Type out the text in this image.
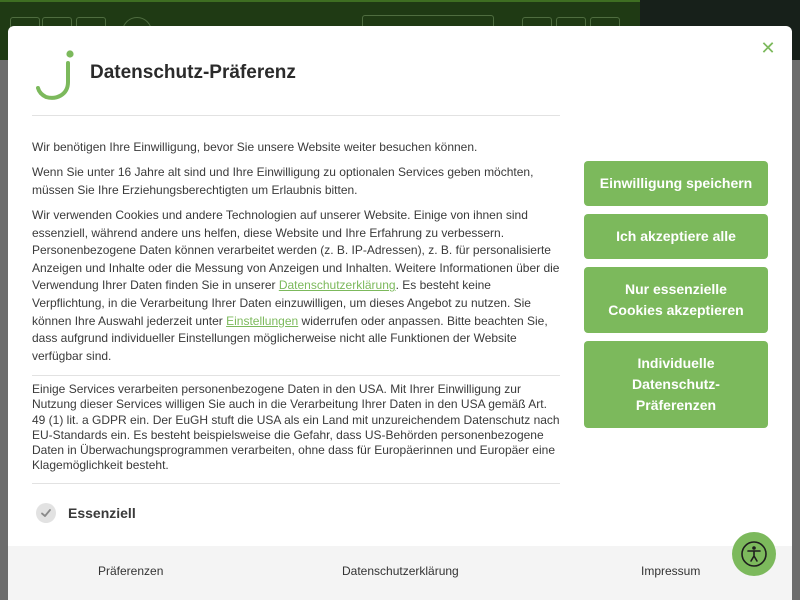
✕
Datenschutz-Präferenz
Wir benötigen Ihre Einwilligung, bevor Sie unsere Website weiter besuchen können.
Wenn Sie unter 16 Jahre alt sind und Ihre Einwilligung zu optionalen Services geben möchten, müssen Sie Ihre Erziehungsberechtigten um Erlaubnis bitten.
Wir verwenden Cookies und andere Technologien auf unserer Website. Einige von ihnen sind essenziell, während andere uns helfen, diese Website und Ihre Erfahrung zu verbessern. Personenbezogene Daten können verarbeitet werden (z. B. IP-Adressen), z. B. für personalisierte Anzeigen und Inhalte oder die Messung von Anzeigen und Inhalten. Weitere Informationen über die Verwendung Ihrer Daten finden Sie in unserer Datenschutzerklärung. Es besteht keine Verpflichtung, in die Verarbeitung Ihrer Daten einzuwilligen, um dieses Angebot zu nutzen. Sie können Ihre Auswahl jederzeit unter Einstellungen widerrufen oder anpassen. Bitte beachten Sie, dass aufgrund individueller Einstellungen möglicherweise nicht alle Funktionen der Website verfügbar sind.
Einige Services verarbeiten personenbezogene Daten in den USA. Mit Ihrer Einwilligung zur Nutzung dieser Services willigen Sie auch in die Verarbeitung Ihrer Daten in den USA gemäß Art. 49 (1) lit. a GDPR ein. Der EuGH stuft die USA als ein Land mit unzureichendem Datenschutz nach EU-Standards ein. Es besteht beispielsweise die Gefahr, dass US-Behörden personenbezogene Daten in Überwachungsprogrammen verarbeiten, ohne dass für Europäerinnen und Europäer eine Klagemöglichkeit besteht.
Essenziell
Einwilligung speichern
Ich akzeptiere alle
Nur essenzielle
Cookies akzeptieren
Individuelle
Datenschutz-
Präferenzen
Präferenzen	Datenschutzerklärung	Impressum
